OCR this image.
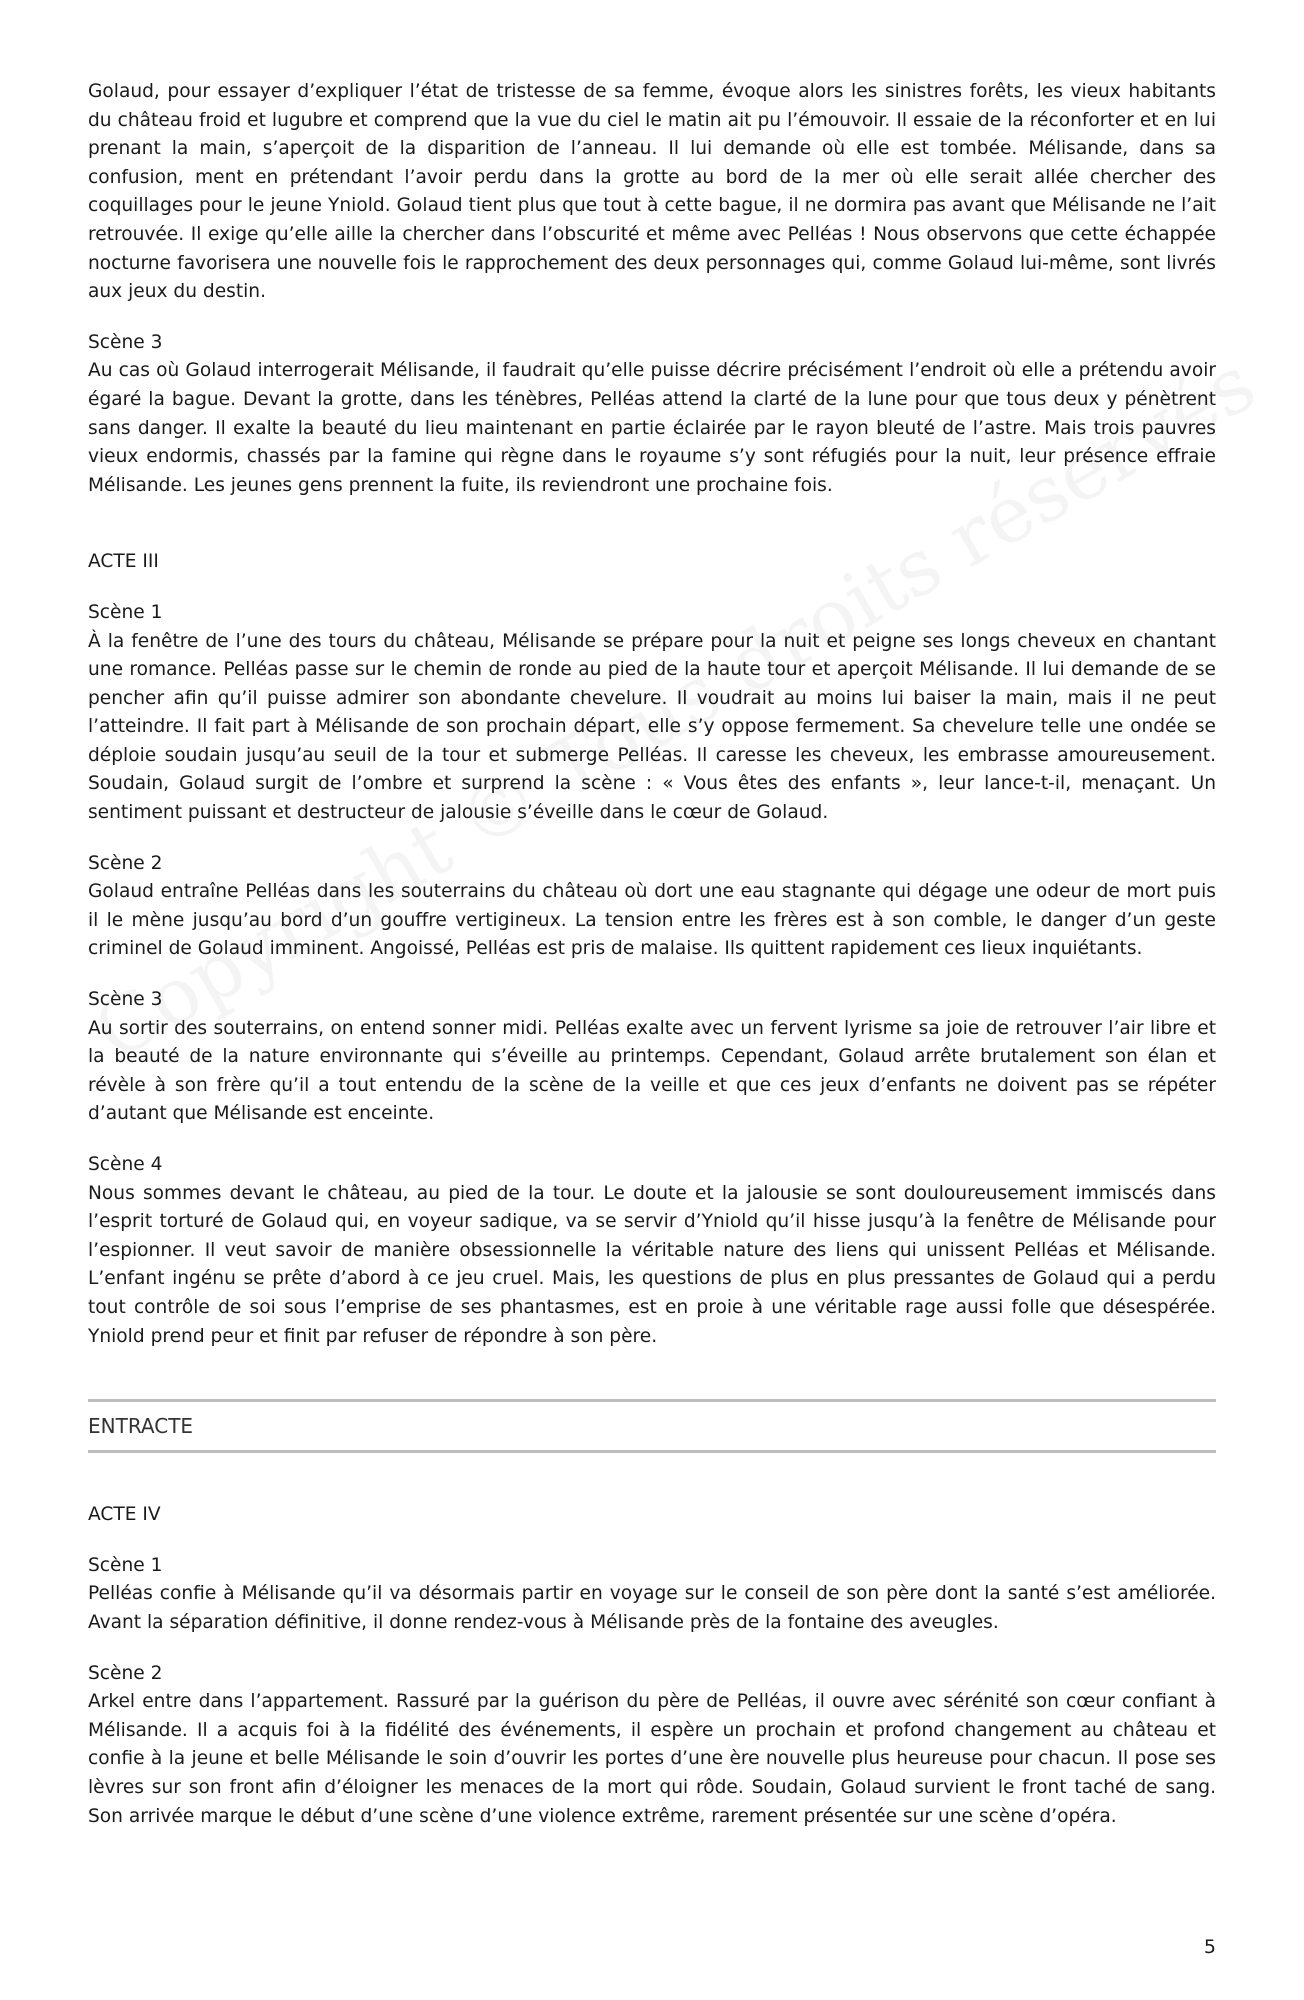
Golaud, pour essayer d’expliquer l’état de tristesse de sa femme, évoque alors les sinistres forêts, les vieux habitants du château froid et lugubre et comprend que la vue du ciel le matin ait pu l’émouvoir. Il essaie de la réconforter et en lui prenant la main, s’aperçoit de la disparition de l’anneau. Il lui demande où elle est tombée. Mélisande, dans sa confusion, ment en prétendant l’avoir perdu dans la grotte au bord de la mer où elle serait allée chercher des coquillages pour le jeune Yniold. Golaud tient plus que tout à cette bague, il ne dormira pas avant que Mélisande ne l’ait retrouvée. Il exige qu’elle aille la chercher dans l’obscurité et même avec Pelléas ! Nous observons que cette échappée nocturne favorisera une nouvelle fois le rapprochement des deux personnages qui, comme Golaud lui-même, sont livrés aux jeux du destin.

Scène 3

Au cas où Golaud interrogerait Mélisande, il faudrait qu’elle puisse décrire précisément l’endroit où elle a prétendu avoir égaré la bague. Devant la grotte, dans les ténèbres, Pelléas attend la clarté de la lune pour que tous deux y pénètrent sans danger. Il exalte la beauté du lieu maintenant en partie éclairée par le rayon bleuté de l’astre. Mais trois pauvres vieux endormis, chassés par la famine qui règne dans le royaume s’y sont réfugiés pour la nuit, leur présence effraie Mélisande. Les jeunes gens prennent la fuite, ils reviendront une prochaine fois.

ACTE III

Scène 1

À la fenêtre de l’une des tours du château, Mélisande se prépare pour la nuit et peigne ses longs cheveux en chantant une romance. Pelléas passe sur le chemin de ronde au pied de la haute tour et aperçoit Mélisande. Il lui demande de se pencher afin qu’il puisse admirer son abondante chevelure. Il voudrait au moins lui baiser la main, mais il ne peut l’atteindre. Il fait part à Mélisande de son prochain départ, elle s’y oppose fermement. Sa chevelure telle une ondée se déploie soudain jusqu’au seuil de la tour et submerge Pelléas. Il caresse les cheveux, les embrasse amoureusement. Soudain, Golaud surgit de l’ombre et surprend la scène : « Vous êtes des enfants », leur lance-t-il, menaçant. Un sentiment puissant et destructeur de jalousie s’éveille dans le cœur de Golaud.

Scène 2

Golaud entraîne Pelléas dans les souterrains du château où dort une eau stagnante qui dégage une odeur de mort puis il le mène jusqu’au bord d’un gouffre vertigineux. La tension entre les frères est à son comble, le danger d’un geste criminel de Golaud imminent. Angoissé, Pelléas est pris de malaise. Ils quittent rapidement ces lieux inquiétants.

Scène 3

Au sortir des souterrains, on entend sonner midi. Pelléas exalte avec un fervent lyrisme sa joie de retrouver l’air libre et la beauté de la nature environnante qui s’éveille au printemps. Cependant, Golaud arrête brutalement son élan et révèle à son frère qu’il a tout entendu de la scène de la veille et que ces jeux d’enfants ne doivent pas se répéter d’autant que Mélisande est enceinte.

Scène 4

Nous sommes devant le château, au pied de la tour. Le doute et la jalousie se sont douloureusement immiscés dans l’esprit torturé de Golaud qui, en voyeur sadique, va se servir d’Yniold qu’il hisse jusqu’à la fenêtre de Mélisande pour l’espionner. Il veut savoir de manière obsessionnelle la véritable nature des liens qui unissent Pelléas et Mélisande. L’enfant ingénu se prête d’abord à ce jeu cruel. Mais, les questions de plus en plus pressantes de Golaud qui a perdu tout contrôle de soi sous l’emprise de ses phantasmes, est en proie à une véritable rage aussi folle que désespérée. Yniold prend peur et finit par refuser de répondre à son père.

ENTRACTE

ACTE IV

Scène 1

Pelléas confie à Mélisande qu’il va désormais partir en voyage sur le conseil de son père dont la santé s’est améliorée. Avant la séparation définitive, il donne rendez-vous à Mélisande près de la fontaine des aveugles.

Scène 2

Arkel entre dans l’appartement. Rassuré par la guérison du père de Pelléas, il ouvre avec sérénité son cœur confiant à Mélisande. Il a acquis foi à la fidélité des événements, il espère un prochain et profond changement au château et confie à la jeune et belle Mélisande le soin d’ouvrir les portes d’une ère nouvelle plus heureuse pour chacun. Il pose ses lèvres sur son front afin d’éloigner les menaces de la mort qui rôde. Soudain, Golaud survient le front taché de sang. Son arrivée marque le début d’une scène d’une violence extrême, rarement présentée sur une scène d’opéra.

5
